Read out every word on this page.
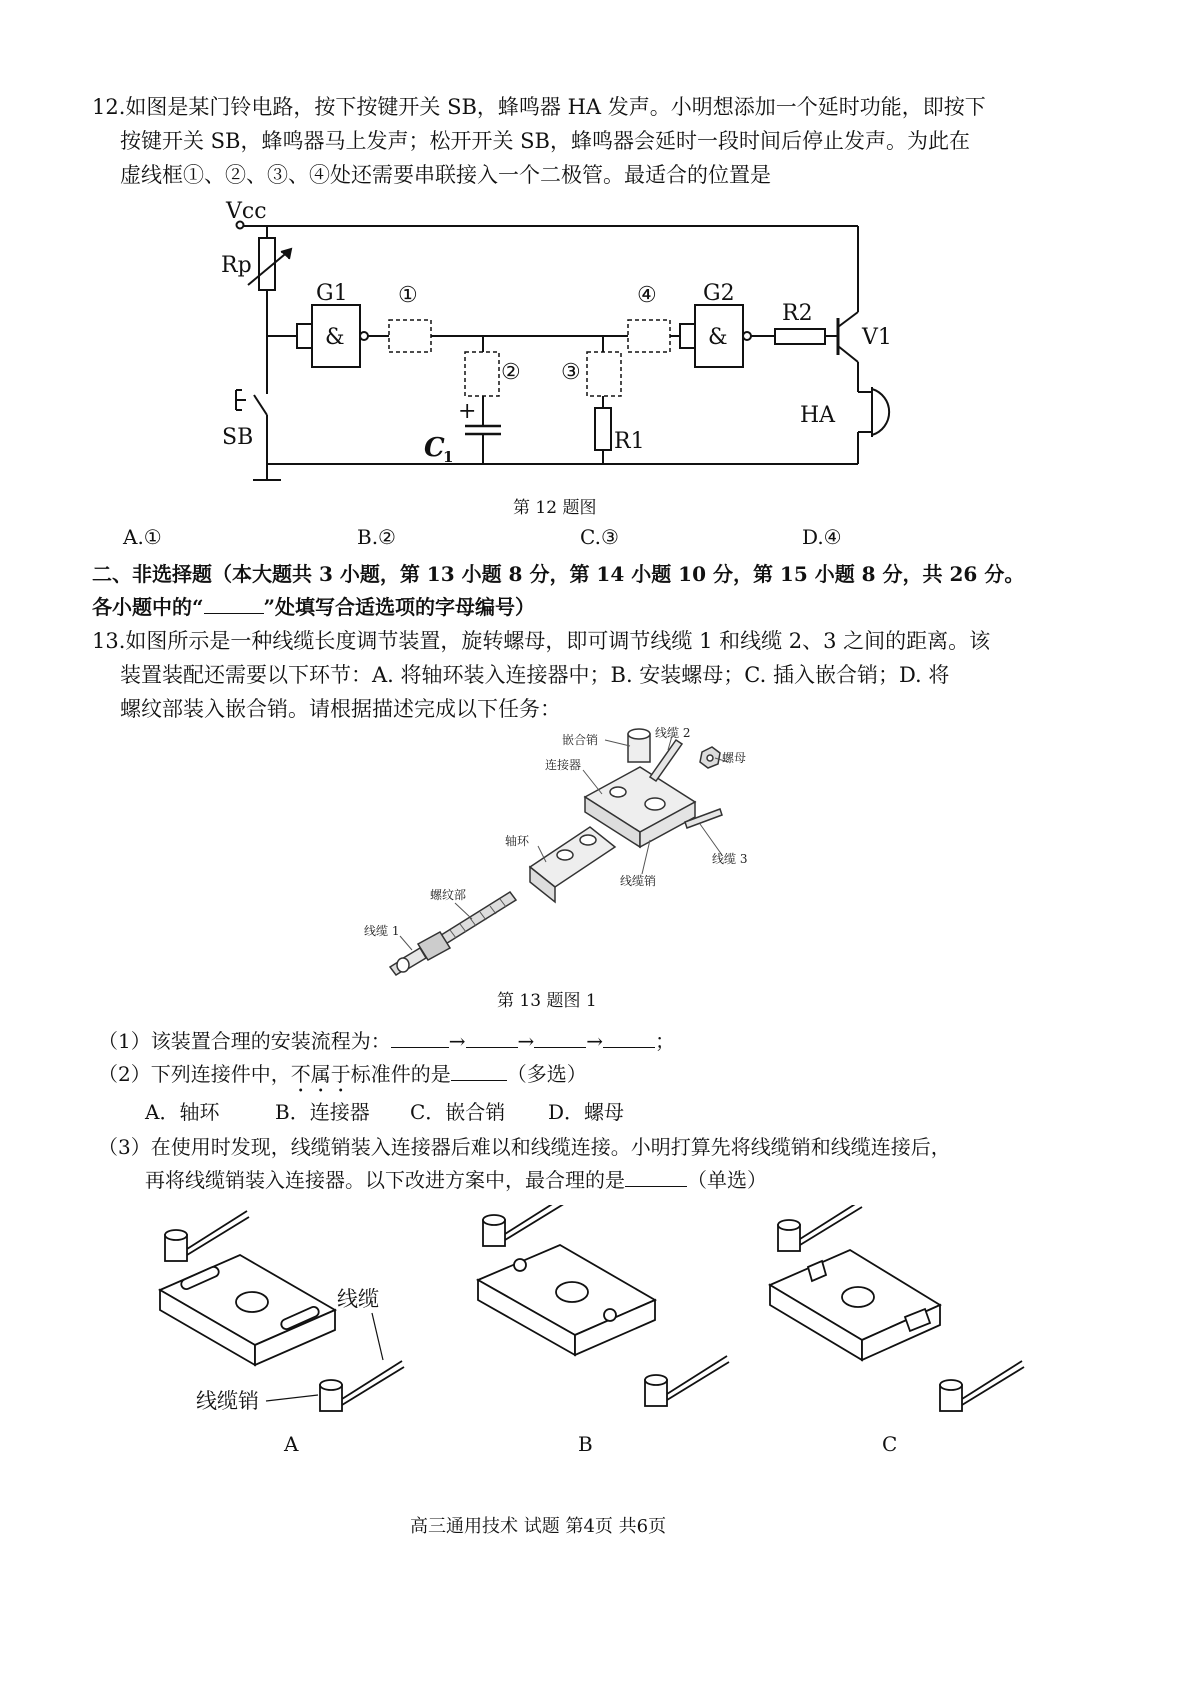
12.如图是某门铃电路，按下按键开关 SB，蜂鸣器 HA 发声。小明想添加一个延时功能，即按下
按键开关 SB，蜂鸣器马上发声；松开开关 SB，蜂鸣器会延时一段时间后停止发声。为此在
虚线框①、②、③、④处还需要串联接入一个二极管。最适合的位置是
Vcc
Rp
G1
&
G2
&
R2
V1
HA
SB
+
C
1
R1
①
② ③
④
第 12 题图
A.①	B.②	C.③	D.④
二、非选择题（本大题共 3 小题，第 13 小题 8 分，第 14 小题 10 分，第 15 小题 8 分，共 26 分。
各小题中的“	”处填写合适选项的字母编号）
13.如图所示是一种线缆长度调节装置，旋转螺母，即可调节线缆 1 和线缆 2、3 之间的距离。该
装置装配还需要以下环节：A. 将轴环装入连接器中；B. 安装螺母；C. 插入嵌合销；D. 将
螺纹部装入嵌合销。请根据描述完成以下任务：
嵌合销	线缆 2
螺母
连接器
轴环
线缆 3
线缆销
螺纹部
线缆 1
第 13 题图 1
（1）该装置合理的安装流程为：	→	→	→	；
（2）下列连接件中，不属于标准件的是	（多选）
A．轴环	B．连接器 C．嵌合销 D．螺母
（3）在使用时发现，线缆销装入连接器后难以和线缆连接。小明打算先将线缆销和线缆连接后，
再将线缆销装入连接器。以下改进方案中，最合理的是	（单选）
线缆
线缆销
A	B	C
高三通用技术 试题 第4页 共6页
